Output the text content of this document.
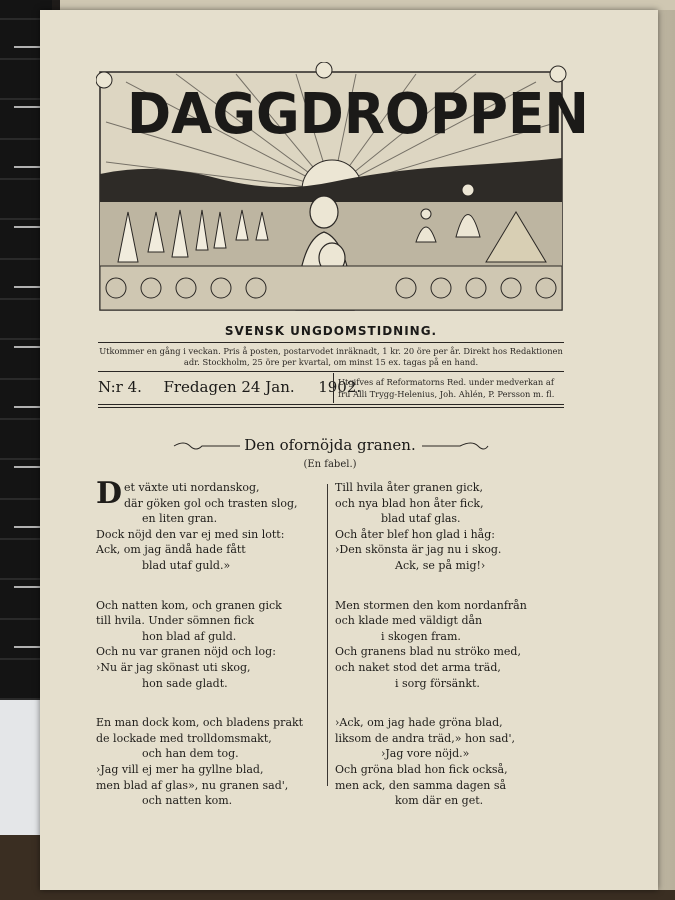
DAGGDROPPEN
SVENSK UNGDOMSTIDNING.
Utkommer en gång i veckan. Pris å posten, postarvodet inräknadt, 1 kr. 20 öre per år. Direkt hos Redaktionen
adr. Stockholm, 25 öre per kvartal, om minst 15 ex. tagas på en hand.
N:r 4. Fredagen 24 Jan. 1902.
Utgifves af Reformatorns Red. under medverkan af
fru Alli Trygg-Helenius, Joh. Ahlén, P. Persson m. fl.
Den ofornöjda granen.
(En fabel.)

Det växte uti nordanskog,

där göken gol och trasten slog,

en liten gran.

Dock nöjd den var ej med sin lott:

Ack, om jag ändå hade fått

blad utaf guld.»

Och natten kom, och granen gick

till hvila. Under sömnen fick

hon blad af guld.

Och nu var granen nöjd och log:

›Nu är jag skönast uti skog,

hon sade gladt.

En man dock kom, och bladens prakt

de lockade med trolldomsmakt,

och han dem tog.

›Jag vill ej mer ha gyllne blad,

men blad af glas», nu granen sad',

och natten kom.

Till hvila åter granen gick,

och nya blad hon åter fick,

blad utaf glas.

Och åter blef hon glad i håg:

›Den skönsta är jag nu i skog.

Ack, se på mig!›

Men stormen den kom nordanfrån

och klade med väldigt dån

i skogen fram.

Och granens blad nu ströko med,

och naket stod det arma träd,

i sorg försänkt.

›Ack, om jag hade gröna blad,

liksom de andra träd,» hon sad',

›Jag vore nöjd.»

Och gröna blad hon fick också,

men ack, den samma dagen så

kom där en get.
